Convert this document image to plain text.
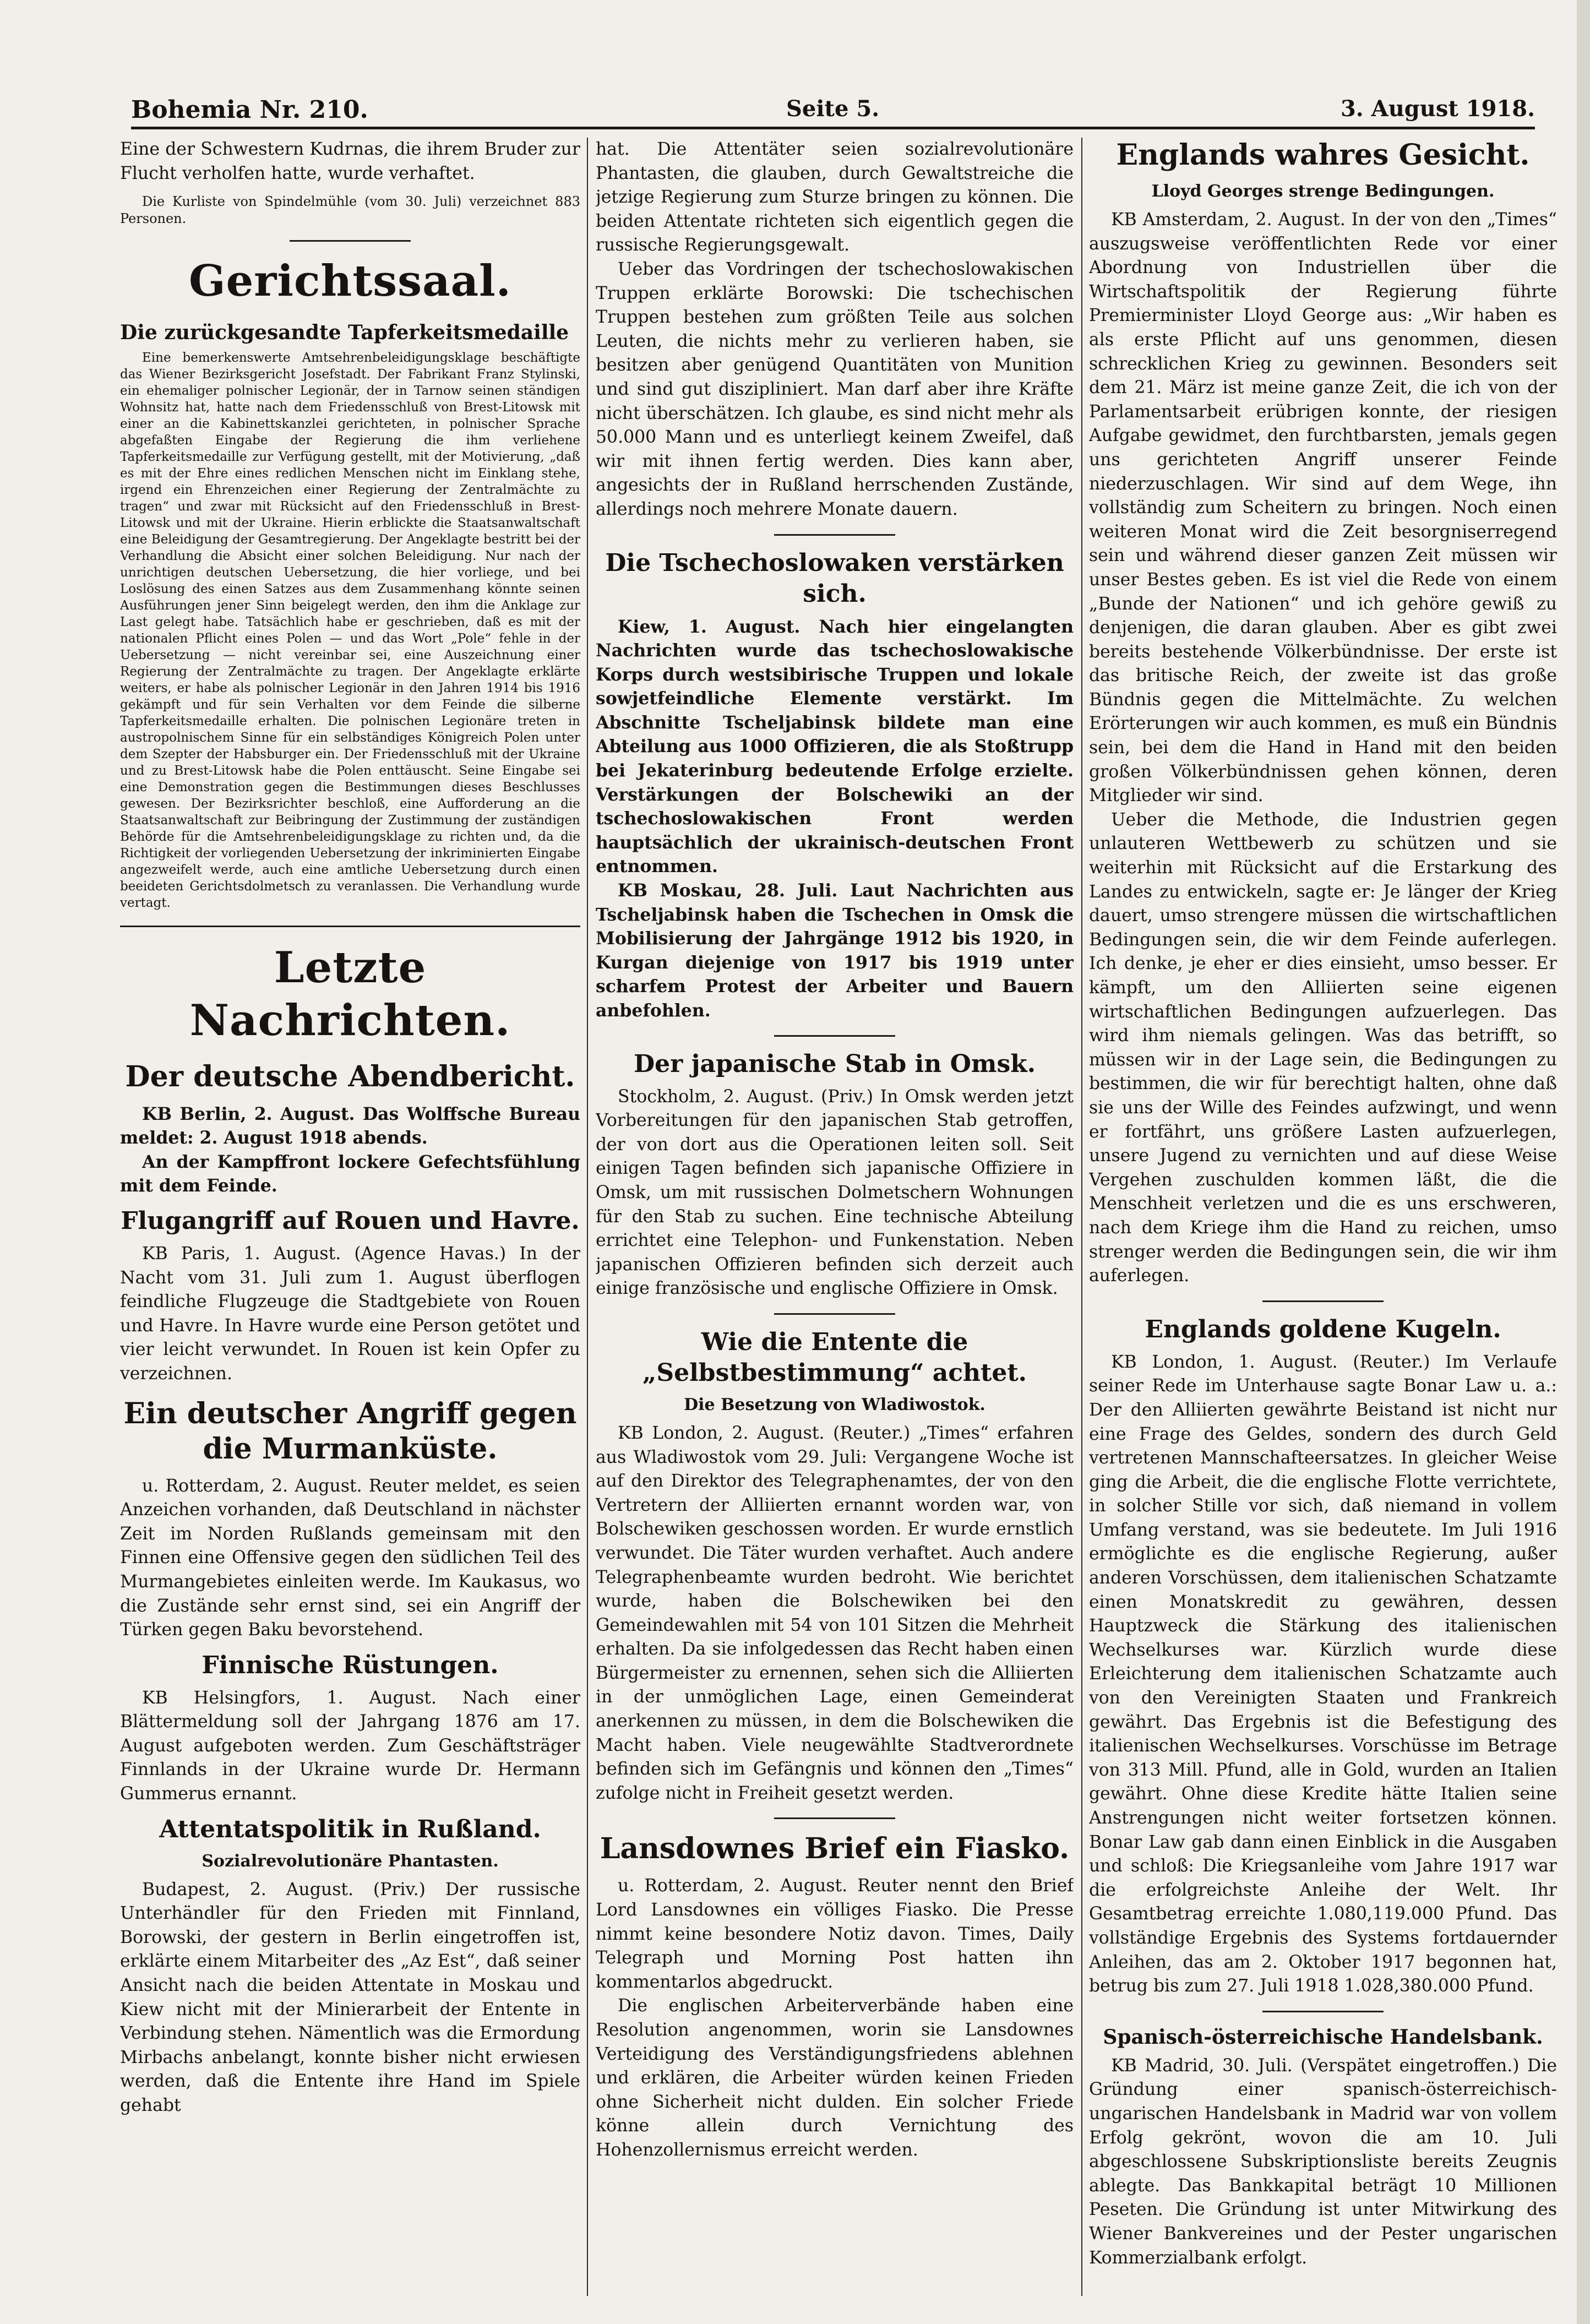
Bohemia Nr. 210.	Seite 5.	3. August 1918.

Eine der Schwestern Kudrnas, die ihrem Bruder zur Flucht verholfen hatte, wurde verhaftet.

Die Kurliste von Spindelmühle (vom 30. Juli) verzeichnet 883 Personen.

Gerichtssaal.
Die zurückgesandte Tapferkeitsmedaille

Eine bemerkenswerte Amtsehrenbeleidigungsklage beschäftigte das Wiener Bezirksgericht Josefstadt. Der Fabrikant Franz Stylinski, ein ehemaliger polnischer Legionär, der in Tarnow seinen ständigen Wohnsitz hat, hatte nach dem Friedensschluß von Brest-Litowsk mit einer an die Kabinettskanzlei gerichteten, in polnischer Sprache abgefaßten Eingabe der Regierung die ihm verliehene Tapferkeitsmedaille zur Verfügung gestellt, mit der Motivierung, „daß es mit der Ehre eines redlichen Menschen nicht im Einklang stehe, irgend ein Ehrenzeichen einer Regierung der Zentralmächte zu tragen“ und zwar mit Rücksicht auf den Friedensschluß in Brest-Litowsk und mit der Ukraine. Hierin erblickte die Staatsanwaltschaft eine Beleidigung der Gesamtregierung. Der Angeklagte bestritt bei der Verhandlung die Absicht einer solchen Beleidigung. Nur nach der unrichtigen deutschen Uebersetzung, die hier vorliege, und bei Loslösung des einen Satzes aus dem Zusammenhang könnte seinen Ausführungen jener Sinn beigelegt werden, den ihm die Anklage zur Last gelegt habe. Tatsächlich habe er geschrieben, daß es mit der nationalen Pflicht eines Polen — und das Wort „Pole“ fehle in der Uebersetzung — nicht vereinbar sei, eine Auszeichnung einer Regierung der Zentralmächte zu tragen. Der Angeklagte erklärte weiters, er habe als polnischer Legionär in den Jahren 1914 bis 1916 gekämpft und für sein Verhalten vor dem Feinde die silberne Tapferkeitsmedaille erhalten. Die polnischen Legionäre treten in austropolnischem Sinne für ein selbständiges Königreich Polen unter dem Szepter der Habsburger ein. Der Friedensschluß mit der Ukraine und zu Brest-Litowsk habe die Polen enttäuscht. Seine Eingabe sei eine Demonstration gegen die Bestimmungen dieses Beschlusses gewesen. Der Bezirksrichter beschloß, eine Aufforderung an die Staatsanwaltschaft zur Beibringung der Zustimmung der zuständigen Behörde für die Amtsehrenbeleidigungsklage zu richten und, da die Richtigkeit der vorliegenden Uebersetzung der inkriminierten Eingabe angezweifelt werde, auch eine amtliche Uebersetzung durch einen beeideten Gerichtsdolmetsch zu veranlassen. Die Verhandlung wurde vertagt.

Letzte Nachrichten.
Der deutsche Abendbericht.

KB Berlin, 2. August. Das Wolffsche Bureau meldet: 2. August 1918 abends.

An der Kampffront lockere Gefechtsfühlung mit dem Feinde.

Flugangriff auf Rouen und Havre.

KB Paris, 1. August. (Agence Havas.) In der Nacht vom 31. Juli zum 1. August überflogen feindliche Flugzeuge die Stadtgebiete von Rouen und Havre. In Havre wurde eine Person getötet und vier leicht verwundet. In Rouen ist kein Opfer zu verzeichnen.

Ein deutscher Angriff gegen die Murmanküste.

u. Rotterdam, 2. August. Reuter meldet, es seien Anzeichen vorhanden, daß Deutschland in nächster Zeit im Norden Rußlands gemeinsam mit den Finnen eine Offensive gegen den südlichen Teil des Murmangebietes einleiten werde. Im Kaukasus, wo die Zustände sehr ernst sind, sei ein Angriff der Türken gegen Baku bevorstehend.

Finnische Rüstungen.

KB Helsingfors, 1. August. Nach einer Blättermeldung soll der Jahrgang 1876 am 17. August aufgeboten werden. Zum Geschäftsträger Finnlands in der Ukraine wurde Dr. Hermann Gummerus ernannt.

Attentatspolitik in Rußland.
Sozialrevolutionäre Phantasten.

Budapest, 2. August. (Priv.) Der russische Unterhändler für den Frieden mit Finnland, Borowski, der gestern in Berlin eingetroffen ist, erklärte einem Mitarbeiter des „Az Est“, daß seiner Ansicht nach die beiden Attentate in Moskau und Kiew nicht mit der Minierarbeit der Entente in Verbindung stehen. Nämentlich was die Ermordung Mirbachs anbelangt, konnte bisher nicht erwiesen werden, daß die Entente ihre Hand im Spiele gehabt

hat. Die Attentäter seien sozialrevolutionäre Phantasten, die glauben, durch Gewaltstreiche die jetzige Regierung zum Sturze bringen zu können. Die beiden Attentate richteten sich eigentlich gegen die russische Regierungsgewalt.

Ueber das Vordringen der tschechoslowakischen Truppen erklärte Borowski: Die tschechischen Truppen bestehen zum größten Teile aus solchen Leuten, die nichts mehr zu verlieren haben, sie besitzen aber genügend Quantitäten von Munition und sind gut diszipliniert. Man darf aber ihre Kräfte nicht überschätzen. Ich glaube, es sind nicht mehr als 50.000 Mann und es unterliegt keinem Zweifel, daß wir mit ihnen fertig werden. Dies kann aber, angesichts der in Rußland herrschenden Zustände, allerdings noch mehrere Monate dauern.

Die Tschechoslowaken verstärken sich.

Kiew, 1. August. Nach hier eingelangten Nachrichten wurde das tschechoslowakische Korps durch westsibirische Truppen und lokale sowjetfeindliche Elemente verstärkt. Im Abschnitte Tscheljabinsk bildete man eine Abteilung aus 1000 Offizieren, die als Stoßtrupp bei Jekaterinburg bedeutende Erfolge erzielte. Verstärkungen der Bolschewiki an der tschechoslowakischen Front werden hauptsächlich der ukrainisch-deutschen Front entnommen.

KB Moskau, 28. Juli. Laut Nachrichten aus Tscheljabinsk haben die Tschechen in Omsk die Mobilisierung der Jahrgänge 1912 bis 1920, in Kurgan diejenige von 1917 bis 1919 unter scharfem Protest der Arbeiter und Bauern anbefohlen.

Der japanische Stab in Omsk.

Stockholm, 2. August. (Priv.) In Omsk werden jetzt Vorbereitungen für den japanischen Stab getroffen, der von dort aus die Operationen leiten soll. Seit einigen Tagen befinden sich japanische Offiziere in Omsk, um mit russischen Dolmetschern Wohnungen für den Stab zu suchen. Eine technische Abteilung errichtet eine Telephon- und Funkenstation. Neben japanischen Offizieren befinden sich derzeit auch einige französische und englische Offiziere in Omsk.

Wie die Entente die „Selbstbestimmung“ achtet.
Die Besetzung von Wladiwostok.

KB London, 2. August. (Reuter.) „Times“ erfahren aus Wladiwostok vom 29. Juli: Vergangene Woche ist auf den Direktor des Telegraphenamtes, der von den Vertretern der Alliierten ernannt worden war, von Bolschewiken geschossen worden. Er wurde ernstlich verwundet. Die Täter wurden verhaftet. Auch andere Telegraphenbeamte wurden bedroht. Wie berichtet wurde, haben die Bolschewiken bei den Gemeindewahlen mit 54 von 101 Sitzen die Mehrheit erhalten. Da sie infolgedessen das Recht haben einen Bürgermeister zu ernennen, sehen sich die Alliierten in der unmöglichen Lage, einen Gemeinderat anerkennen zu müssen, in dem die Bolschewiken die Macht haben. Viele neugewählte Stadtverordnete befinden sich im Gefängnis und können den „Times“ zufolge nicht in Freiheit gesetzt werden.

Lansdownes Brief ein Fiasko.

u. Rotterdam, 2. August. Reuter nennt den Brief Lord Lansdownes ein völliges Fiasko. Die Presse nimmt keine besondere Notiz davon. Times, Daily Telegraph und Morning Post hatten ihn kommentarlos abgedruckt.

Die englischen Arbeiterverbände haben eine Resolution angenommen, worin sie Lansdownes Verteidigung des Verständigungsfriedens ablehnen und erklären, die Arbeiter würden keinen Frieden ohne Sicherheit nicht dulden. Ein solcher Friede könne allein durch Vernichtung des Hohenzollernismus erreicht werden.

Englands wahres Gesicht.
Lloyd Georges strenge Bedingungen.

KB Amsterdam, 2. August. In der von den „Times“ auszugsweise veröffentlichten Rede vor einer Abordnung von Industriellen über die Wirtschaftspolitik der Regierung führte Premierminister Lloyd George aus: „Wir haben es als erste Pflicht auf uns genommen, diesen schrecklichen Krieg zu gewinnen. Besonders seit dem 21. März ist meine ganze Zeit, die ich von der Parlamentsarbeit erübrigen konnte, der riesigen Aufgabe gewidmet, den furchtbarsten, jemals gegen uns gerichteten Angriff unserer Feinde niederzuschlagen. Wir sind auf dem Wege, ihn vollständig zum Scheitern zu bringen. Noch einen weiteren Monat wird die Zeit besorgniserregend sein und während dieser ganzen Zeit müssen wir unser Bestes geben. Es ist viel die Rede von einem „Bunde der Nationen“ und ich gehöre gewiß zu denjenigen, die daran glauben. Aber es gibt zwei bereits bestehende Völkerbündnisse. Der erste ist das britische Reich, der zweite ist das große Bündnis gegen die Mittelmächte. Zu welchen Erörterungen wir auch kommen, es muß ein Bündnis sein, bei dem die Hand in Hand mit den beiden großen Völkerbündnissen gehen können, deren Mitglieder wir sind.

Ueber die Methode, die Industrien gegen unlauteren Wettbewerb zu schützen und sie weiterhin mit Rücksicht auf die Erstarkung des Landes zu entwickeln, sagte er: Je länger der Krieg dauert, umso strengere müssen die wirtschaftlichen Bedingungen sein, die wir dem Feinde auferlegen. Ich denke, je eher er dies einsieht, umso besser. Er kämpft, um den Alliierten seine eigenen wirtschaftlichen Bedingungen aufzuerlegen. Das wird ihm niemals gelingen. Was das betrifft, so müssen wir in der Lage sein, die Bedingungen zu bestimmen, die wir für berechtigt halten, ohne daß sie uns der Wille des Feindes aufzwingt, und wenn er fortfährt, uns größere Lasten aufzuerlegen, unsere Jugend zu vernichten und auf diese Weise Vergehen zuschulden kommen läßt, die die Menschheit verletzen und die es uns erschweren, nach dem Kriege ihm die Hand zu reichen, umso strenger werden die Bedingungen sein, die wir ihm auferlegen.

Englands goldene Kugeln.

KB London, 1. August. (Reuter.) Im Verlaufe seiner Rede im Unterhause sagte Bonar Law u. a.: Der den Alliierten gewährte Beistand ist nicht nur eine Frage des Geldes, sondern des durch Geld vertretenen Mannschafteersatzes. In gleicher Weise ging die Arbeit, die die englische Flotte verrichtete, in solcher Stille vor sich, daß niemand in vollem Umfang verstand, was sie bedeutete. Im Juli 1916 ermöglichte es die englische Regierung, außer anderen Vorschüssen, dem italienischen Schatzamte einen Monatskredit zu gewähren, dessen Hauptzweck die Stärkung des italienischen Wechselkurses war. Kürzlich wurde diese Erleichterung dem italienischen Schatzamte auch von den Vereinigten Staaten und Frankreich gewährt. Das Ergebnis ist die Befestigung des italienischen Wechselkurses. Vorschüsse im Betrage von 313 Mill. Pfund, alle in Gold, wurden an Italien gewährt. Ohne diese Kredite hätte Italien seine Anstrengungen nicht weiter fortsetzen können. Bonar Law gab dann einen Einblick in die Ausgaben und schloß: Die Kriegsanleihe vom Jahre 1917 war die erfolgreichste Anleihe der Welt. Ihr Gesamtbetrag erreichte 1.080,119.000 Pfund. Das vollständige Ergebnis des Systems fortdauernder Anleihen, das am 2. Oktober 1917 begonnen hat, betrug bis zum 27. Juli 1918 1.028,380.000 Pfund.

Spanisch-österreichische Handelsbank.

KB Madrid, 30. Juli. (Verspätet eingetroffen.) Die Gründung einer spanisch-österreichisch-ungarischen Handelsbank in Madrid war von vollem Erfolg gekrönt, wovon die am 10. Juli abgeschlossene Subskriptionsliste bereits Zeugnis ablegte. Das Bankkapital beträgt 10 Millionen Peseten. Die Gründung ist unter Mitwirkung des Wiener Bankvereines und der Pester ungarischen Kommerzialbank erfolgt.
